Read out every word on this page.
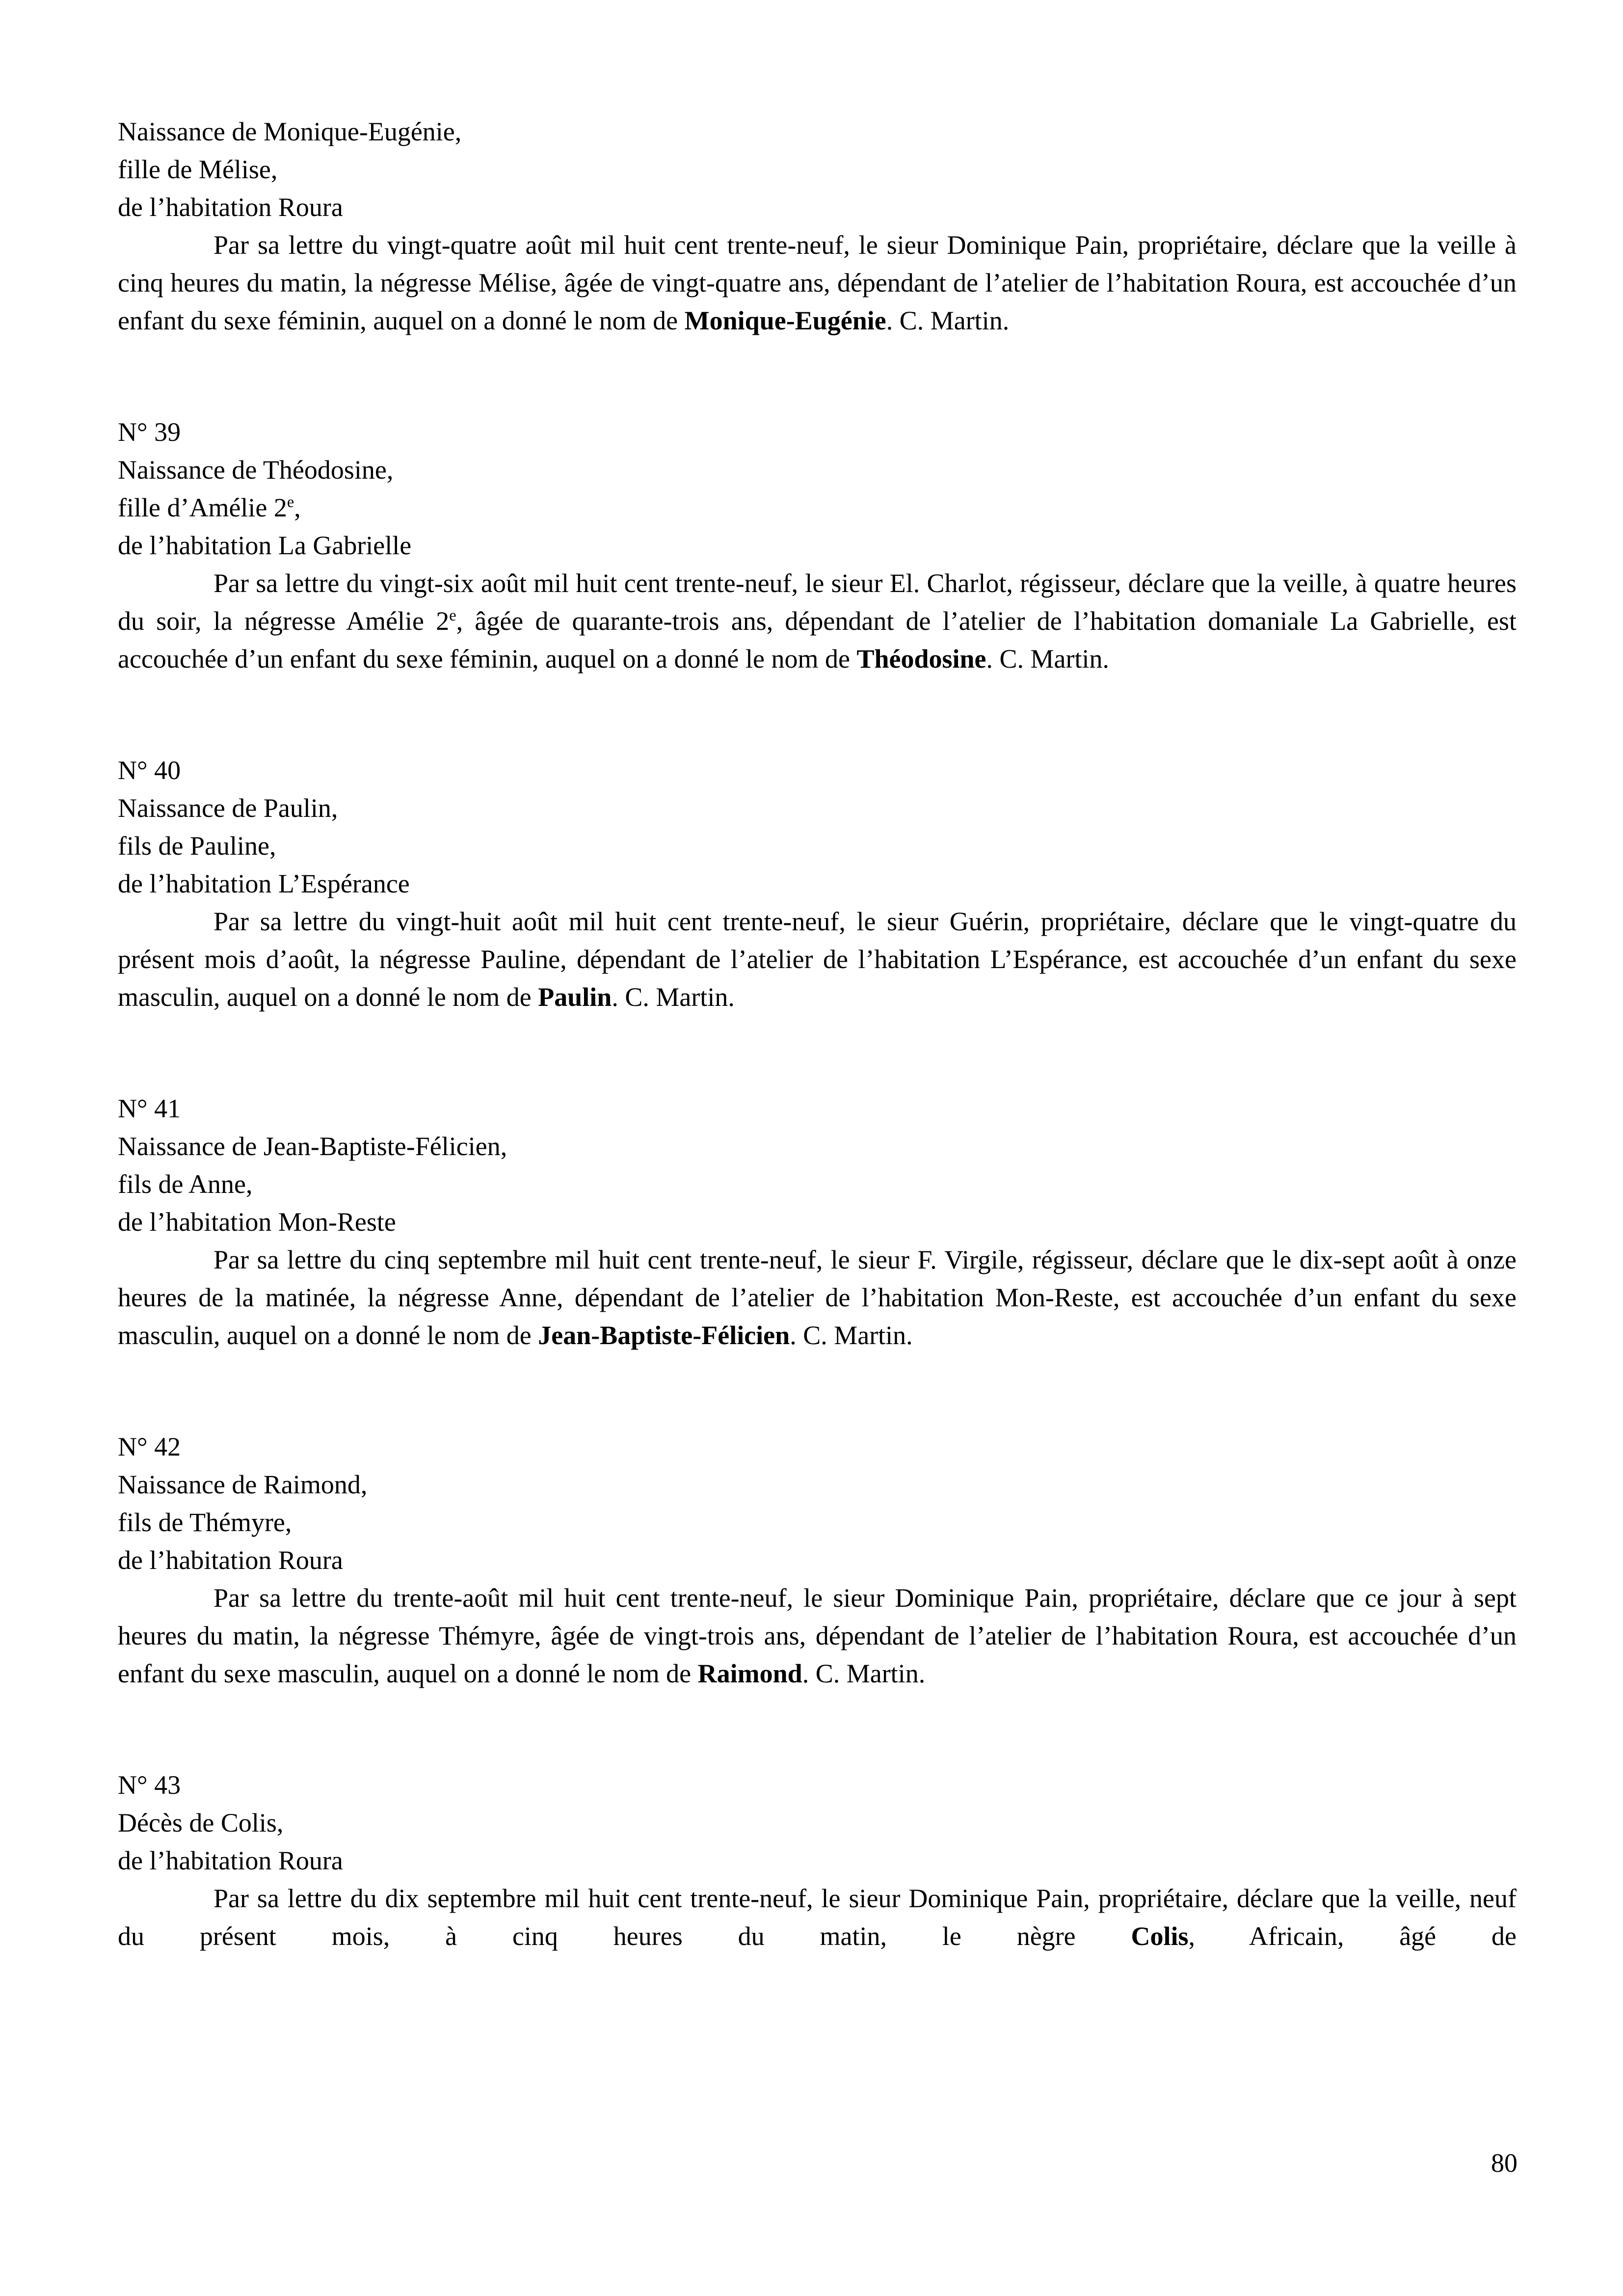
Naissance de Monique-Eugénie,
fille de Mélise,
de l’habitation Roura

Par sa lettre du vingt-quatre août mil huit cent trente-neuf, le sieur Dominique Pain, propriétaire, déclare que la veille à cinq heures du matin, la négresse Mélise, âgée de vingt-quatre ans, dépendant de l’atelier de l’habitation Roura, est accouchée d’un enfant du sexe féminin, auquel on a donné le nom de Monique-Eugénie. C. Martin.

N° 39
Naissance de Théodosine,
fille d’Amélie 2e,
de l’habitation La Gabrielle

Par sa lettre du vingt-six août mil huit cent trente-neuf, le sieur El. Charlot, régisseur, déclare que la veille, à quatre heures du soir, la négresse Amélie 2e, âgée de quarante-trois ans, dépendant de l’atelier de l’habitation domaniale La Gabrielle, est accouchée d’un enfant du sexe féminin, auquel on a donné le nom de Théodosine. C. Martin.

N° 40
Naissance de Paulin,
fils de Pauline,
de l’habitation L’Espérance

Par sa lettre du vingt-huit août mil huit cent trente-neuf, le sieur Guérin, propriétaire, déclare que le vingt-quatre du présent mois d’août, la négresse Pauline, dépendant de l’atelier de l’habitation L’Espérance, est accouchée d’un enfant du sexe masculin, auquel on a donné le nom de Paulin. C. Martin.

N° 41
Naissance de Jean-Baptiste-Félicien,
fils de Anne,
de l’habitation Mon-Reste

Par sa lettre du cinq septembre mil huit cent trente-neuf, le sieur F. Virgile, régisseur, déclare que le dix-sept août à onze heures de la matinée, la négresse Anne, dépendant de l’atelier de l’habitation Mon-Reste, est accouchée d’un enfant du sexe masculin, auquel on a donné le nom de Jean-Baptiste-Félicien. C. Martin.

N° 42
Naissance de Raimond,
fils de Thémyre,
de l’habitation Roura

Par sa lettre du trente-août mil huit cent trente-neuf, le sieur Dominique Pain, propriétaire, déclare que ce jour à sept heures du matin, la négresse Thémyre, âgée de vingt-trois ans, dépendant de l’atelier de l’habitation Roura, est accouchée d’un enfant du sexe masculin, auquel on a donné le nom de Raimond. C. Martin.

N° 43
Décès de Colis,
de l’habitation Roura

Par sa lettre du dix septembre mil huit cent trente-neuf, le sieur Dominique Pain, propriétaire, déclare que la veille, neuf du présent mois, à cinq heures du matin, le nègre Colis, Africain, âgé de

80
